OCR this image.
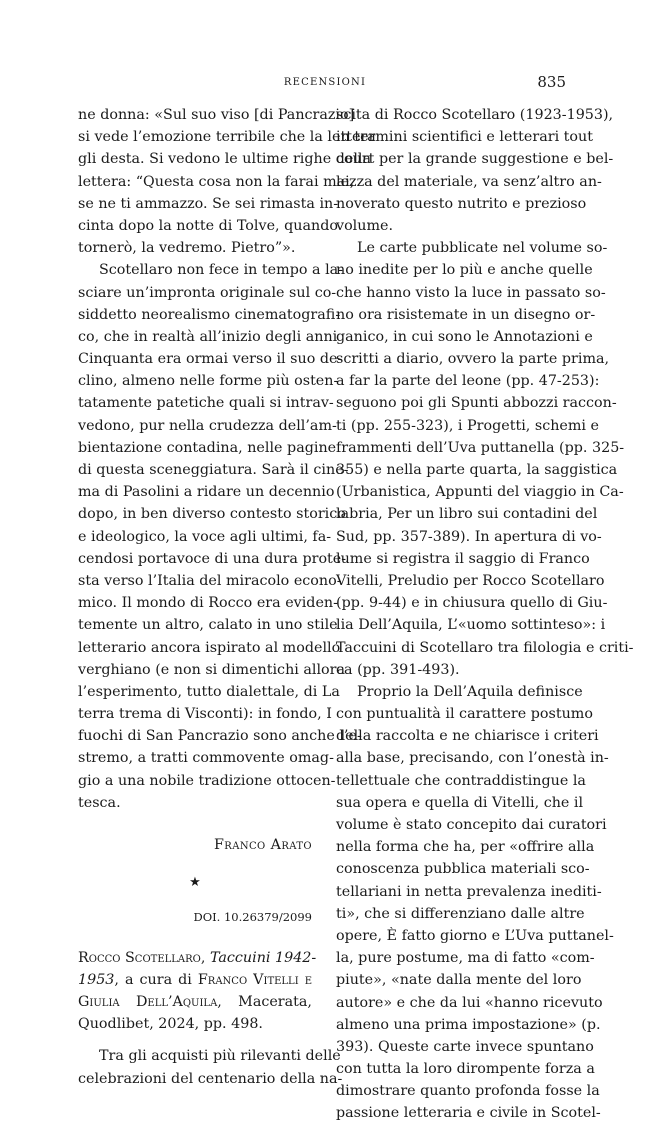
RECENSIONI	835
ne donna: «Sul suo viso [di Pancrazio]
si vede l’emozione terribile che la lettera
gli desta. Si vedono le ultime righe della
lettera: “Questa cosa non la farai mai,
se ne ti ammazzo. Se sei rimasta in-
cinta dopo la notte di Tolve, quando
tornerò, la vedremo. Pietro”».
Scotellaro non fece in tempo a la-
sciare un’impronta originale sul co-
siddetto neorealismo cinematografi-
co, che in realtà all’inizio degli anni
Cinquanta era ormai verso il suo de-
clino, almeno nelle forme più osten-
tatamente patetiche quali si intrav-
vedono, pur nella crudezza dell’am-
bientazione contadina, nelle pagine
di questa sceneggiatura. Sarà il cine-
ma di Pasolini a ridare un decennio
dopo, in ben diverso contesto storico
e ideologico, la voce agli ultimi, fa-
cendosi portavoce di una dura prote-
sta verso l’Italia del miracolo econo-
mico. Il mondo di Rocco era eviden-
temente un altro, calato in uno stile
letterario ancora ispirato al modello
verghiano (e non si dimentichi allora
l’esperimento, tutto dialettale, di La
terra trema di Visconti): in fondo, I
fuochi di San Pancrazio sono anche l’e-
stremo, a tratti commovente omag-
gio a una nobile tradizione ottocen-
tesca.
Franco Arato
★
DOI. 10.26379/2099
Rocco Scotellaro, Taccuini 1942-
1953, a cura di Franco Vitelli e
Giulia Dell’Aquila, Macerata,
Quodlibet, 2024, pp. 498.
Tra gli acquisti più rilevanti delle
celebrazioni del centenario della na-
scita di Rocco Scotellaro (1923-1953),
in termini scientifici e letterari tout
court per la grande suggestione e bel-
lezza del materiale, va senz’altro an-
noverato questo nutrito e prezioso
volume.
Le carte pubblicate nel volume so-
no inedite per lo più e anche quelle
che hanno visto la luce in passato so-
no ora risistemate in un disegno or-
ganico, in cui sono le Annotazioni e
scritti a diario, ovvero la parte prima,
a far la parte del leone (pp. 47-253):
seguono poi gli Spunti abbozzi raccon-
ti (pp. 255-323), i Progetti, schemi e
frammenti dell’Uva puttanella (pp. 325-
355) e nella parte quarta, la saggistica
(Urbanistica, Appunti del viaggio in Ca-
labria, Per un libro sui contadini del
Sud, pp. 357-389). In apertura di vo-
lume si registra il saggio di Franco
Vitelli, Preludio per Rocco Scotellaro
(pp. 9-44) e in chiusura quello di Giu-
lia Dell’Aquila, L’«uomo sottinteso»: i
Taccuini di Scotellaro tra filologia e criti-
ca (pp. 391-493).
Proprio la Dell’Aquila definisce
con puntualità il carattere postumo
della raccolta e ne chiarisce i criteri
alla base, precisando, con l’onestà in-
tellettuale che contraddistingue la
sua opera e quella di Vitelli, che il
volume è stato concepito dai curatori
nella forma che ha, per «offrire alla
conoscenza pubblica materiali sco-
tellariani in netta prevalenza inediti-
ti», che si differenziano dalle altre
opere, È fatto giorno e L’Uva puttanel-
la, pure postume, ma di fatto «com-
piute», «nate dalla mente del loro
autore» e che da lui «hanno ricevuto
almeno una prima impostazione» (p.
393). Queste carte invece spuntano
con tutta la loro dirompente forza a
dimostrare quanto profonda fosse la
passione letteraria e civile in Scotel-
